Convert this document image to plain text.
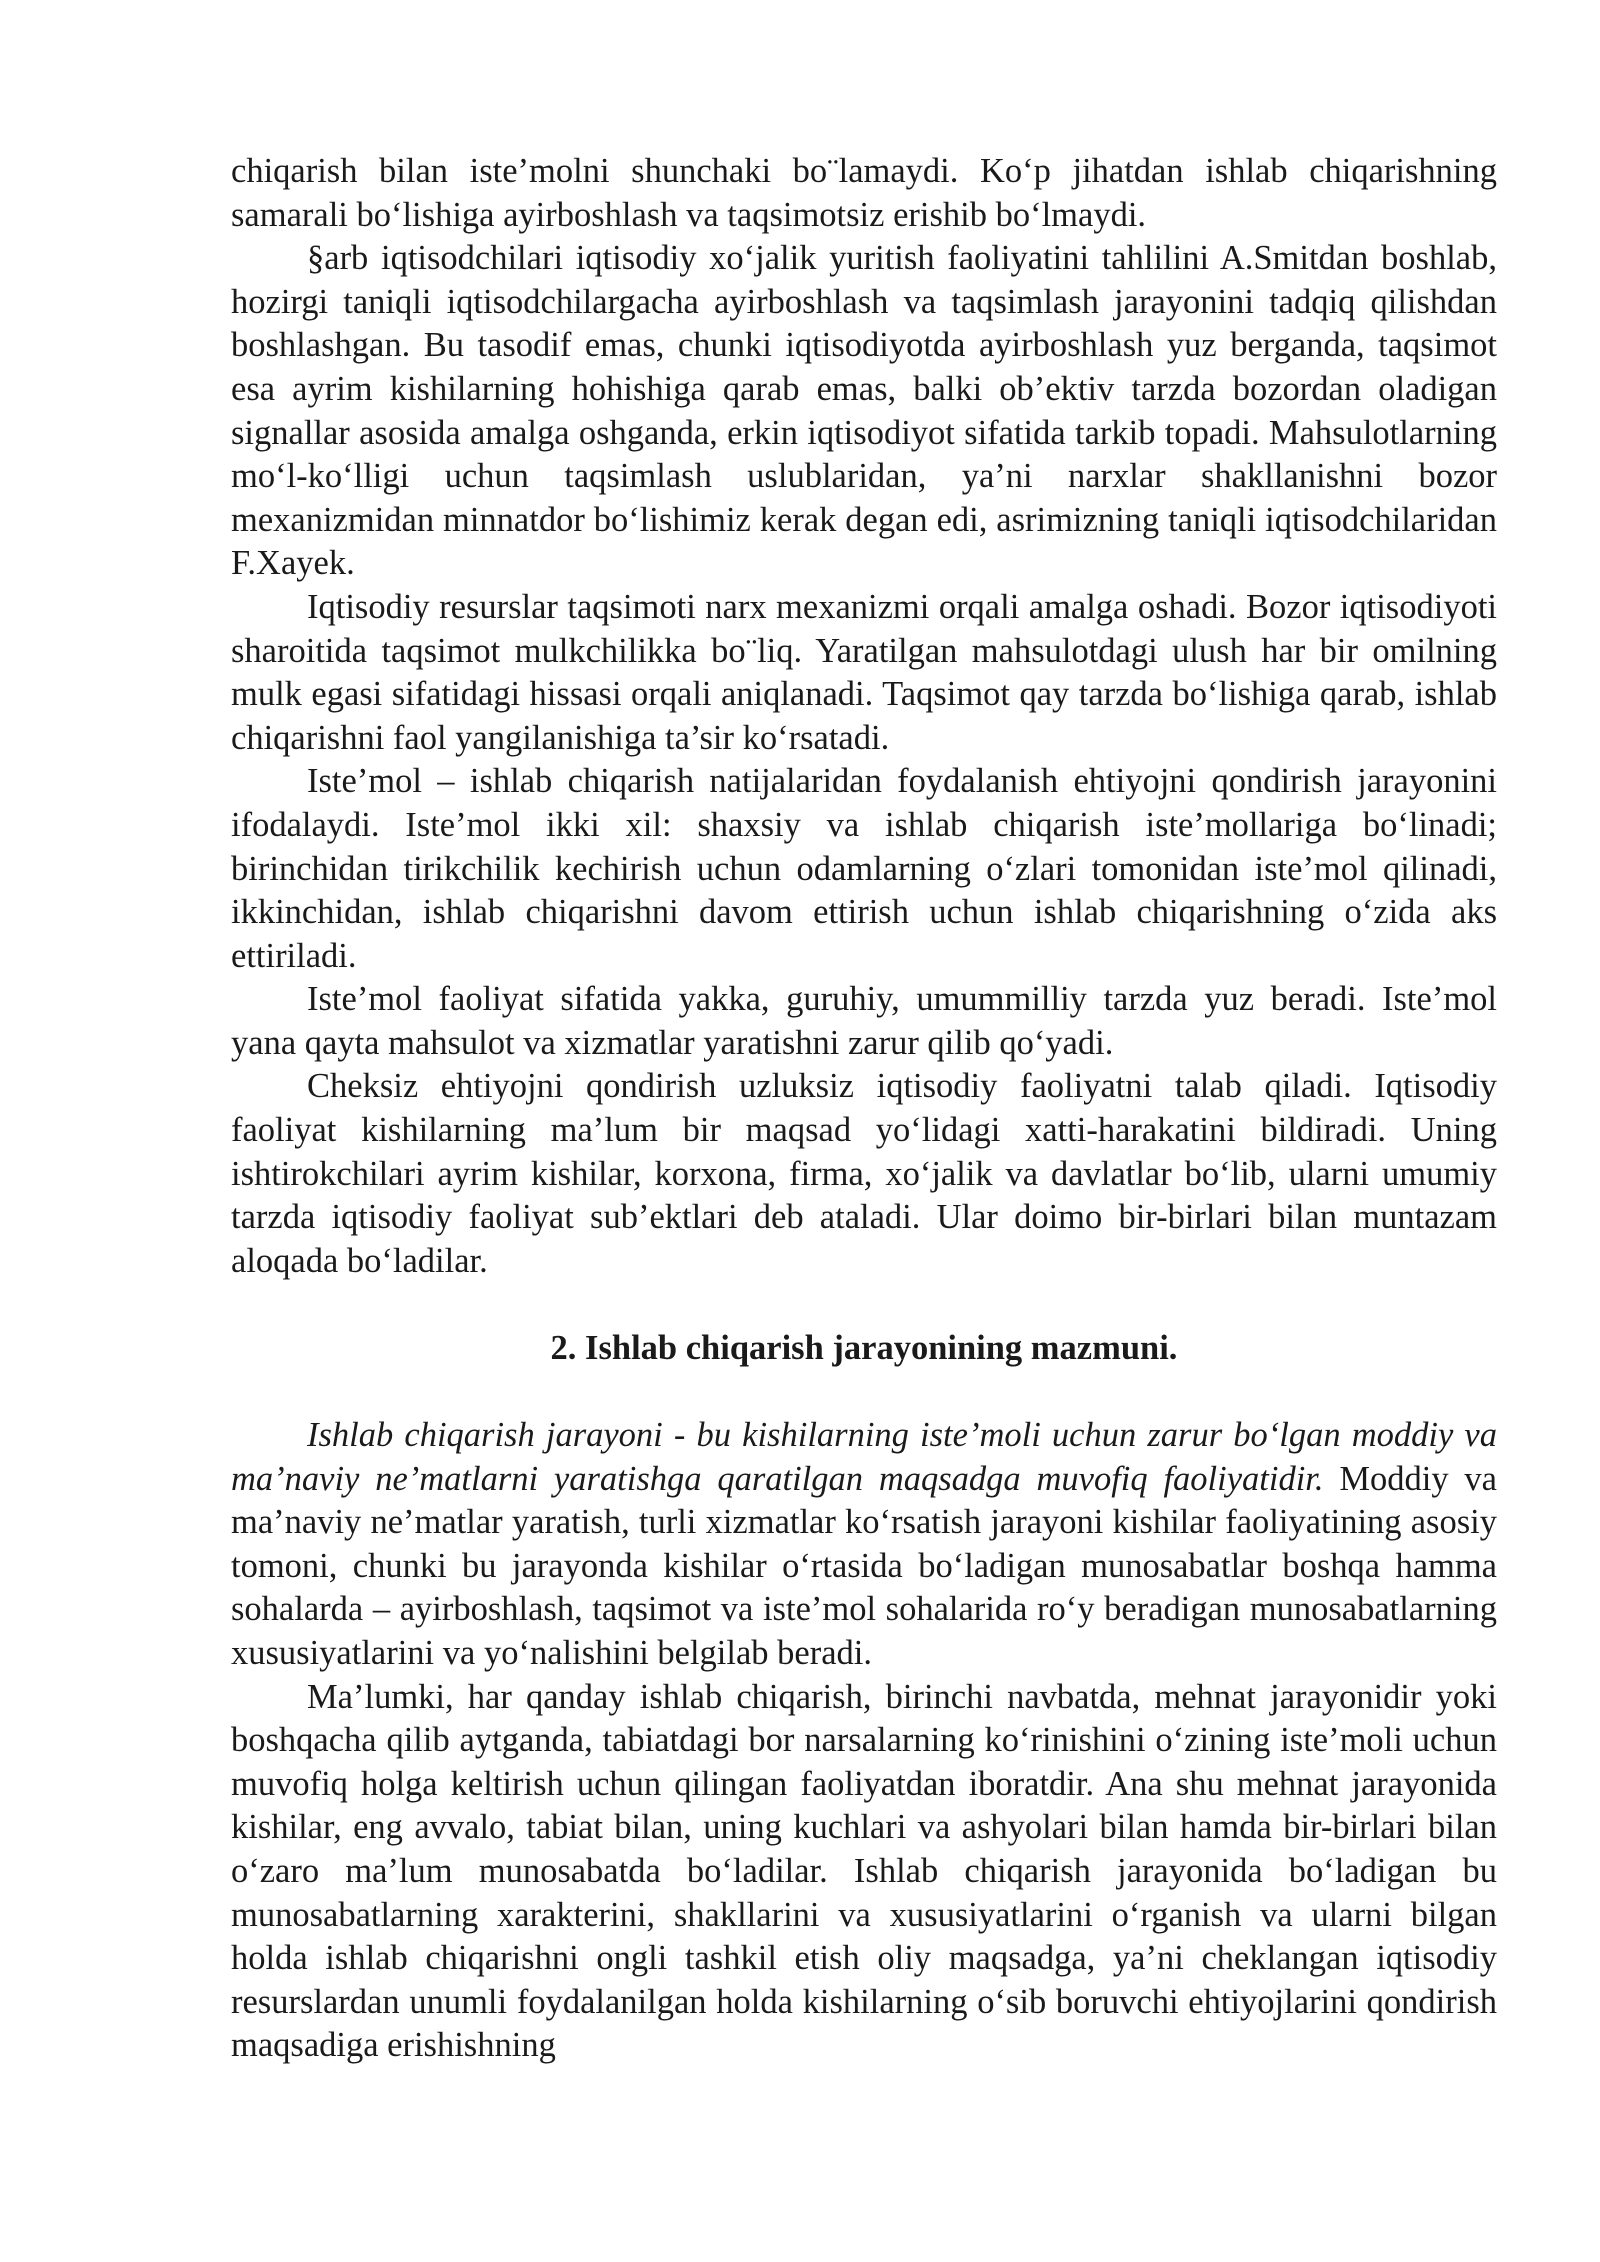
chiqarish bilan iste’molni shunchaki bo¨lamaydi. Ko‘p jihatdan ishlab chiqarishning samarali bo‘lishiga ayirboshlash va taqsimotsiz erishib bo‘lmaydi.

§arb iqtisodchilari iqtisodiy xo‘jalik yuritish faoliyatini tahlilini A.Smitdan boshlab, hozirgi taniqli iqtisodchilargacha ayirboshlash va taqsimlash jarayonini tadqiq qilishdan boshlashgan. Bu tasodif emas, chunki iqtisodiyotda ayirboshlash yuz berganda, taqsimot esa ayrim kishilarning hohishiga qarab emas, balki ob’ektiv tarzda bozordan oladigan signallar asosida amalga oshganda, erkin iqtisodiyot sifatida tarkib topadi. Mahsulotlarning mo‘l-ko‘lligi uchun taqsimlash uslublaridan, ya’ni narxlar shakllanishni bozor mexanizmidan minnatdor bo‘lishimiz kerak degan edi, asrimizning taniqli iqtisodchilaridan F.Xayek.

Iqtisodiy resurslar taqsimoti narx mexanizmi orqali amalga oshadi. Bozor iqtisodiyoti sharoitida taqsimot mulkchilikka bo¨liq. Yaratilgan mahsulotdagi ulush har bir omilning mulk egasi sifatidagi hissasi orqali aniqlanadi. Taqsimot qay tarzda bo‘lishiga qarab, ishlab chiqarishni faol yangilanishiga ta’sir ko‘rsatadi.

Iste’mol – ishlab chiqarish natijalaridan foydalanish ehtiyojni qondirish jarayonini ifodalaydi. Iste’mol ikki xil: shaxsiy va ishlab chiqarish iste’mollariga bo‘linadi; birinchidan tirikchilik kechirish uchun odamlarning o‘zlari tomonidan iste’mol qilinadi, ikkinchidan, ishlab chiqarishni davom ettirish uchun ishlab chiqarishning o‘zida aks ettiriladi.

Iste’mol faoliyat sifatida yakka, guruhiy, umummilliy tarzda yuz beradi. Iste’mol yana qayta mahsulot va xizmatlar yaratishni zarur qilib qo‘yadi.

Cheksiz ehtiyojni qondirish uzluksiz iqtisodiy faoliyatni talab qiladi. Iqtisodiy faoliyat kishilarning ma’lum bir maqsad yo‘lidagi xatti-harakatini bildiradi. Uning ishtirokchilari ayrim kishilar, korxona, firma, xo‘jalik va davlatlar bo‘lib, ularni umumiy tarzda iqtisodiy faoliyat sub’ektlari deb ataladi. Ular doimo bir-birlari bilan muntazam aloqada bo‘ladilar.

2. Ishlab chiqarish jarayonining mazmuni.

Ishlab chiqarish jarayoni - bu kishilarning iste’moli uchun zarur bo‘lgan moddiy va ma’naviy ne’matlarni yaratishga qaratilgan maqsadga muvofiq faoliyatidir. Moddiy va ma’naviy ne’matlar yaratish, turli xizmatlar ko‘rsatish jarayoni kishilar faoliyatining asosiy tomoni, chunki bu jarayonda kishilar o‘rtasida bo‘ladigan munosabatlar boshqa hamma sohalarda – ayirboshlash, taqsimot va iste’mol sohalarida ro‘y beradigan munosabatlarning xususiyatlarini va yo‘nalishini belgilab beradi.

Ma’lumki, har qanday ishlab chiqarish, birinchi navbatda, mehnat jarayonidir yoki boshqacha qilib aytganda, tabiatdagi bor narsalarning ko‘rinishini o‘zining iste’moli uchun muvofiq holga keltirish uchun qilingan faoliyatdan iboratdir. Ana shu mehnat jarayonida kishilar, eng avvalo, tabiat bilan, uning kuchlari va ashyolari bilan hamda bir-birlari bilan o‘zaro ma’lum munosabatda bo‘ladilar. Ishlab chiqarish jarayonida bo‘ladigan bu munosabatlarning xarakterini, shakllarini va xususiyatlarini o‘rganish va ularni bilgan holda ishlab chiqarishni ongli tashkil etish oliy maqsadga, ya’ni cheklangan iqtisodiy resurslardan unumli foydalanilgan holda kishilarning o‘sib boruvchi ehtiyojlarini qondirish maqsadiga erishishning
